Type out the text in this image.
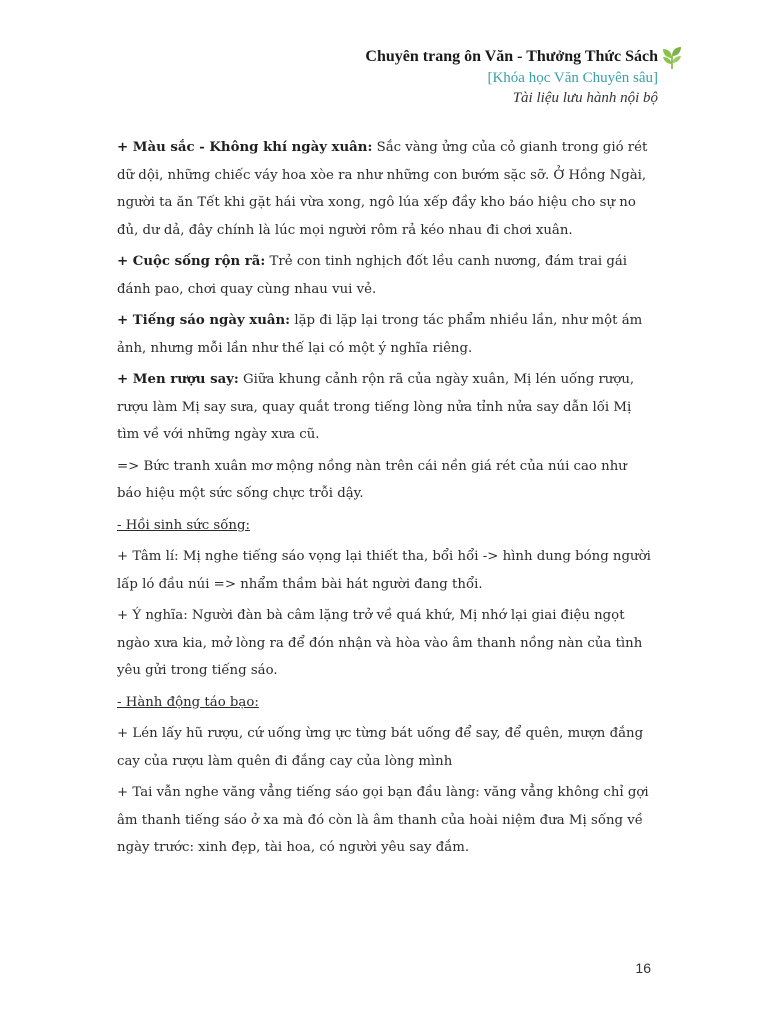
Chuyên trang ôn Văn - Thưởng Thức Sách
[Khóa học Văn Chuyên sâu]
Tài liệu lưu hành nội bộ

+ Màu sắc - Không khí ngày xuân: Sắc vàng ửng của cỏ gianh trong gió rét dữ dội, những chiếc váy hoa xòe ra như những con bướm sặc sỡ. Ở Hồng Ngài, người ta ăn Tết khi gặt hái vừa xong, ngô lúa xếp đầy kho báo hiệu cho sự no đủ, dư dả, đây chính là lúc mọi người rôm rả kéo nhau đi chơi xuân.

+ Cuộc sống rộn rã: Trẻ con tinh nghịch đốt lều canh nương, đám trai gái đánh pao, chơi quay cùng nhau vui vẻ.

+ Tiếng sáo ngày xuân: lặp đi lặp lại trong tác phẩm nhiều lần, như một ám ảnh, nhưng mỗi lần như thế lại có một ý nghĩa riêng.

+ Men rượu say: Giữa khung cảnh rộn rã của ngày xuân, Mị lén uống rượu, rượu làm Mị say sưa, quay quắt trong tiếng lòng nửa tỉnh nửa say dẫn lối Mị tìm về với những ngày xưa cũ.

=> Bức tranh xuân mơ mộng nồng nàn trên cái nền giá rét của núi cao như báo hiệu một sức sống chực trỗi dậy.

- Hồi sinh sức sống:

+ Tâm lí: Mị nghe tiếng sáo vọng lại thiết tha, bổi hổi -> hình dung bóng người lấp ló đầu núi => nhẩm thầm bài hát người đang thổi.

+ Ý nghĩa: Người đàn bà câm lặng trở về quá khứ, Mị nhớ lại giai điệu ngọt ngào xưa kia, mở lòng ra để đón nhận và hòa vào âm thanh nồng nàn của tình yêu gửi trong tiếng sáo.

- Hành động táo bạo:

+ Lén lấy hũ rượu, cứ uống ừng ực từng bát uống để say, để quên, mượn đắng cay của rượu làm quên đi đắng cay của lòng mình

+ Tai vẫn nghe văng vẳng tiếng sáo gọi bạn đầu làng: văng vẳng không chỉ gợi âm thanh tiếng sáo ở xa mà đó còn là âm thanh của hoài niệm đưa Mị sống về ngày trước: xinh đẹp, tài hoa, có người yêu say đắm.

16
